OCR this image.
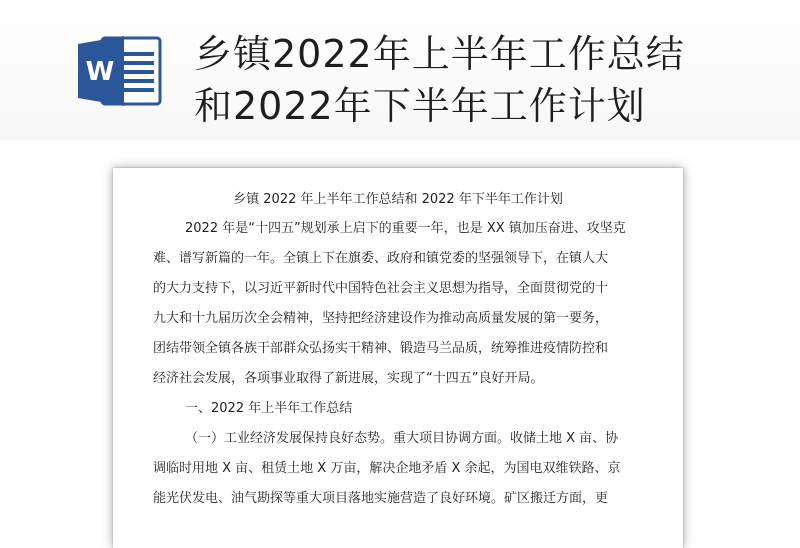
W 乡镇2022年上半年工作总结
和2022年下半年工作计划
乡镇 2022 年上半年工作总结和 2022 年下半年工作计划
2022 年是“十四五”规划承上启下的重要一年，也是 XX 镇加压奋进、攻坚克
难、谱写新篇的一年。全镇上下在旗委、政府和镇党委的坚强领导下，在镇人大
的大力支持下，以习近平新时代中国特色社会主义思想为指导，全面贯彻党的十
九大和十九届历次全会精神，坚持把经济建设作为推动高质量发展的第一要务，
团结带领全镇各族干部群众弘扬实干精神、锻造马兰品质，统筹推进疫情防控和
经济社会发展，各项事业取得了新进展，实现了“十四五”良好开局。
一、2022 年上半年工作总结
（一）工业经济发展保持良好态势。重大项目协调方面。收储土地 X 亩、协
调临时用地 X 亩、租赁土地 X 万亩，解决企地矛盾 X 余起，为国电双维铁路、京
能光伏发电、油气勘探等重大项目落地实施营造了良好环境。矿区搬迁方面，更
